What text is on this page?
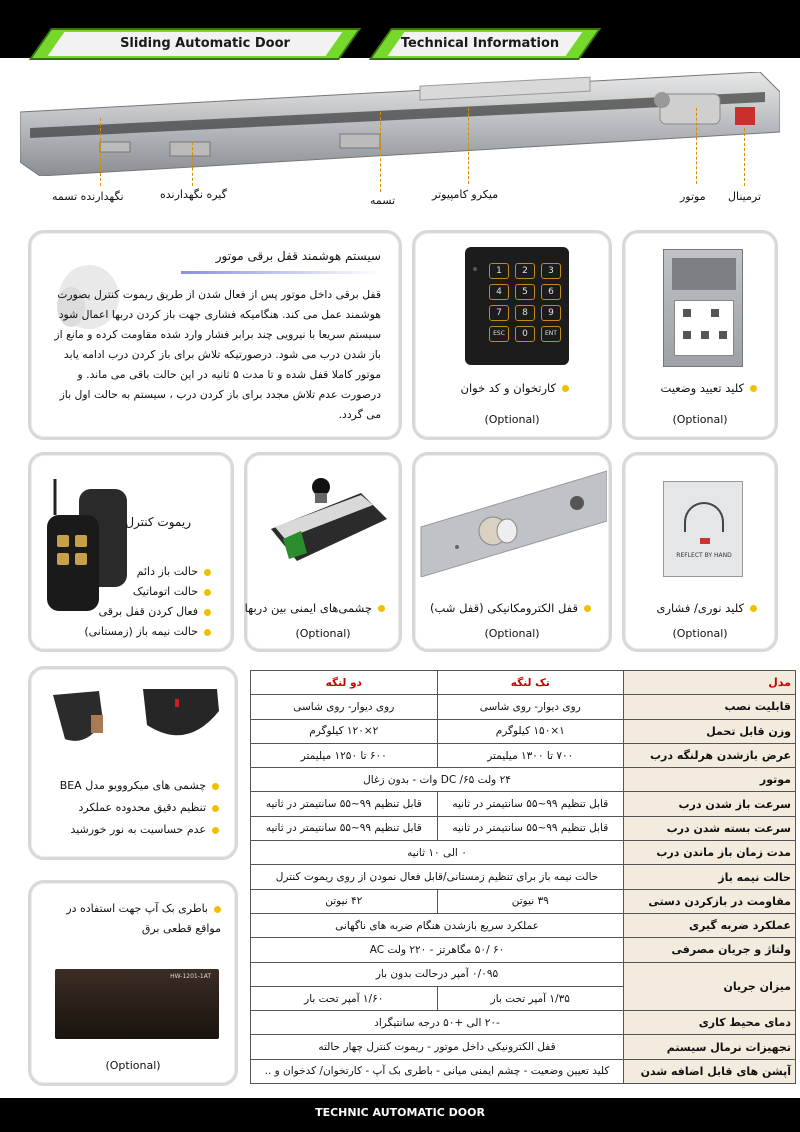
Sliding Automatic Door	Technical Information
نگهدارنده تسمه	گیره نگهدارنده	تسمه	میکرو کامپیوتر	موتور ترمینال
سیستم هوشمند قفل برقی موتور
قفل برقی داخل موتور پس از فعال شدن از طریق ریموت کنترل بصورت هوشمند عمل می کند. هنگامیکه فشاری جهت باز کردن دربها اعمال شود سیستم سریعا با نیرویی چند برابر فشار وارد شده مقاومت کرده و مانع از باز شدن درب می شود. درصورتیکه تلاش برای باز کردن درب ادامه یابد موتور کاملا قفل شده و تا مدت ۵ ثانیه در این حالت باقی می ماند. و درصورت عدم تلاش مجدد برای باز کردن درب ، سیستم به حالت اول باز می گردد.
1	2	3
4	5	6
7	8	9
ESC	0	ENT
کارتخوان و کد خوان
(Optional)
کلید تعیید وضعیت
(Optional)
ریموت کنترل
حالت باز دائم
حالت اتوماتیک
فعال کردن قفل برقی
حالت نیمه باز (زمستانی)
چشمی‌های ایمنی بین دربها
(Optional)
قفل الکترومکانیکی (قفل شب)
(Optional)
REFLECT BY HAND
کلید نوری/ فشاری
(Optional)
چشمی های میکروویو مدل BEA
تنظیم دقیق محدوده عملکرد
عدم حساسیت به نور خورشید
باطری بک آپ جهت استفاده در مواقع قطعی برق
HW-1201-1AT
(Optional)
مدل	تک لنگه	دو لنگه
قابلیت نصب	روی دیوار- روی شاسی	روی دیوار- روی شاسی
وزن قابل تحمل	۱×۱۵۰ کیلوگرم	۲×۱۲۰ کیلوگرم
عرض بازشدن هرلنگه درب	۷۰۰ تا ۱۳۰۰ میلیمتر	۶۰۰ تا ۱۲۵۰ میلیمتر
موتور	۲۴ ولت DC /۶۵ وات - بدون زغال	
سرعت باز شدن درب	قابل تنظیم ۹۹~۵۵ سانتیمتر در ثانیه	قابل تنظیم ۹۹~۵۵ سانتیمتر در ثانیه
سرعت بسته شدن درب	قابل تنظیم ۹۹~۵۵ سانتیمتر در ثانیه	قابل تنظیم ۹۹~۵۵ سانتیمتر در ثانیه
مدت زمان باز ماندن درب	۰ الی ۱۰ ثانیه	
حالت نیمه باز	حالت نیمه باز برای تنظیم زمستانی/قابل فعال نمودن از روی ریموت کنترل	
مقاومت در بازکردن دستی	۳۹ نیوتن	۴۲ نیوتن
عملکرد ضربه گیری	عملکرد سریع بازشدن هنگام ضربه های ناگهانی	
ولتاژ و جریان مصرفی	۶۰ /۵۰ مگاهرتز - ۲۲۰ ولت AC	
میزان جریان	۰/۰۹۵ آمپر درحالت بدون بار	
	۱/۳۵ آمپر تحت بار	۱/۶۰ آمپر تحت بار
دمای محیط کاری	-۲۰ الی +۵۰ درجه سانتیگراد	
تجهیزات نرمال سیستم	قفل الکترونیکی داخل موتور - ریموت کنترل چهار حالته	
آپشن های قابل اضافه شدن	کلید تعیین وضعیت - چشم ایمنی میانی - باطری بک آپ - کارتخوان/ کدخوان و ..	
TECHNIC AUTOMATIC DOOR
